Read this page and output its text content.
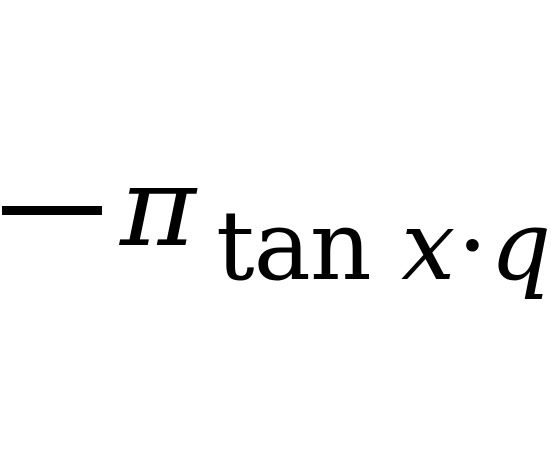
π tan x·q
